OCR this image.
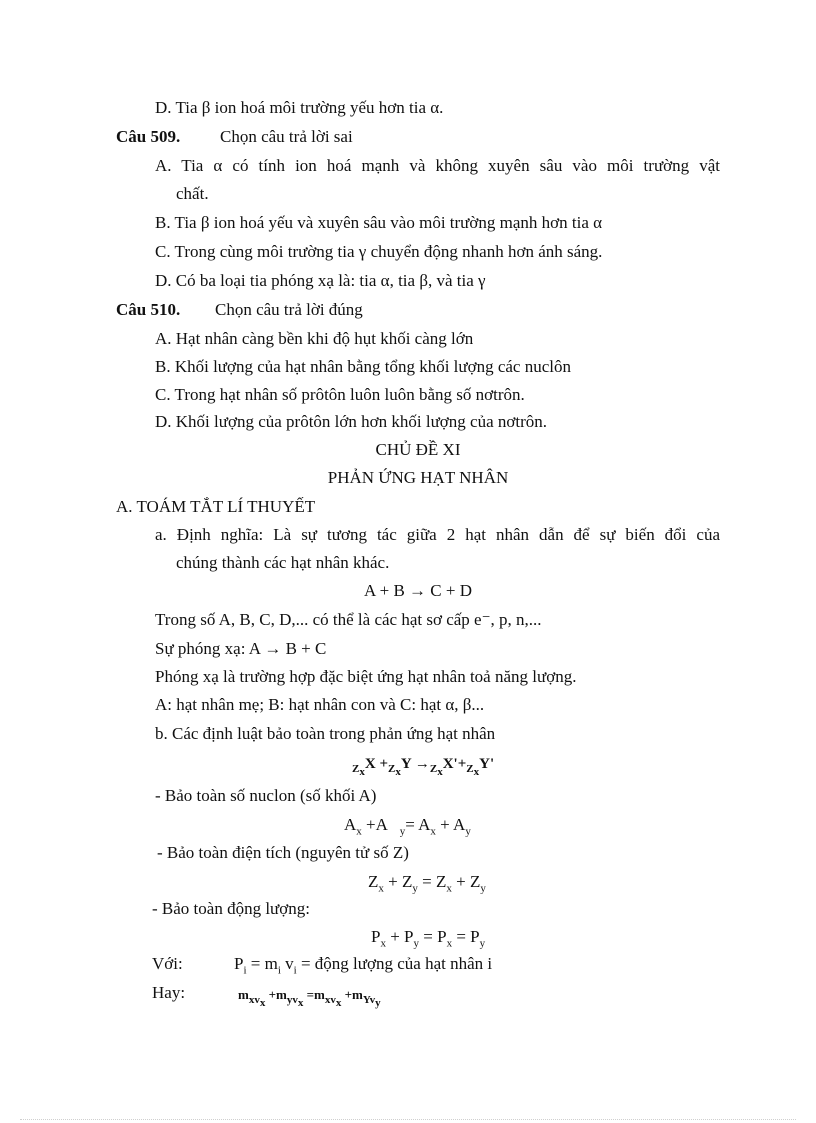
D. Tia β ion hoá môi trường yếu hơn tia α.
Câu 509. Chọn câu trả lời sai
A. Tia α có tính ion hoá mạnh và không xuyên sâu vào môi trường vật
chất.
B. Tia β ion hoá yếu và xuyên sâu vào môi trường mạnh hơn tia α
C. Trong cùng môi trường tia γ chuyển động nhanh hơn ánh sáng.
D. Có ba loại tia phóng xạ là: tia α, tia β, và tia γ
Câu 510. Chọn câu trả lời đúng
A. Hạt nhân càng bền khi độ hụt khối càng lớn
B. Khối lượng của hạt nhân bằng tổng khối lượng các nuclôn
C. Trong hạt nhân số prôtôn luôn luôn bằng số nơtrôn.
D. Khối lượng của prôtôn lớn hơn khối lượng của nơtrôn.
CHỦ ĐỀ XI
PHẢN ỨNG HẠT NHÂN
A. TOÁM TẮT LÍ THUYẾT
a. Định nghĩa: Là sự tương tác giữa 2 hạt nhân dẫn để sự biến đổi của
chúng thành các hạt nhân khác.
A + B → C + D
Trong số A, B, C, D,... có thể là các hạt sơ cấp e⁻, p, n,...
Sự phóng xạ: A → B + C
Phóng xạ là trường hợp đặc biệt ứng hạt nhân toả năng lượng.
A: hạt nhân mẹ; B: hạt nhân con và C: hạt α, β...
b. Các định luật bảo toàn trong phản ứng hạt nhân
$_{Z_x}X +_{Z_x}Y \to_{Z_x}X'+_{Z_x}Y'$
- Bảo toàn số nuclon (số khối A)
$A_x +A$   $_y= A_x + A_y$
- Bảo toàn điện tích (nguyên tử số Z)
$Z_x + Z_y = Z_x + Z_y$
- Bảo toàn động lượng:
$P_x + P_y = P_x = P_y$
Với:	$P_i = m_i$ $v_i$ = động lượng của hạt nhân i
Hay:	$m_{xv_x} +m_{yv_x} =m_{xv_x} +m_{Yv_y}$
